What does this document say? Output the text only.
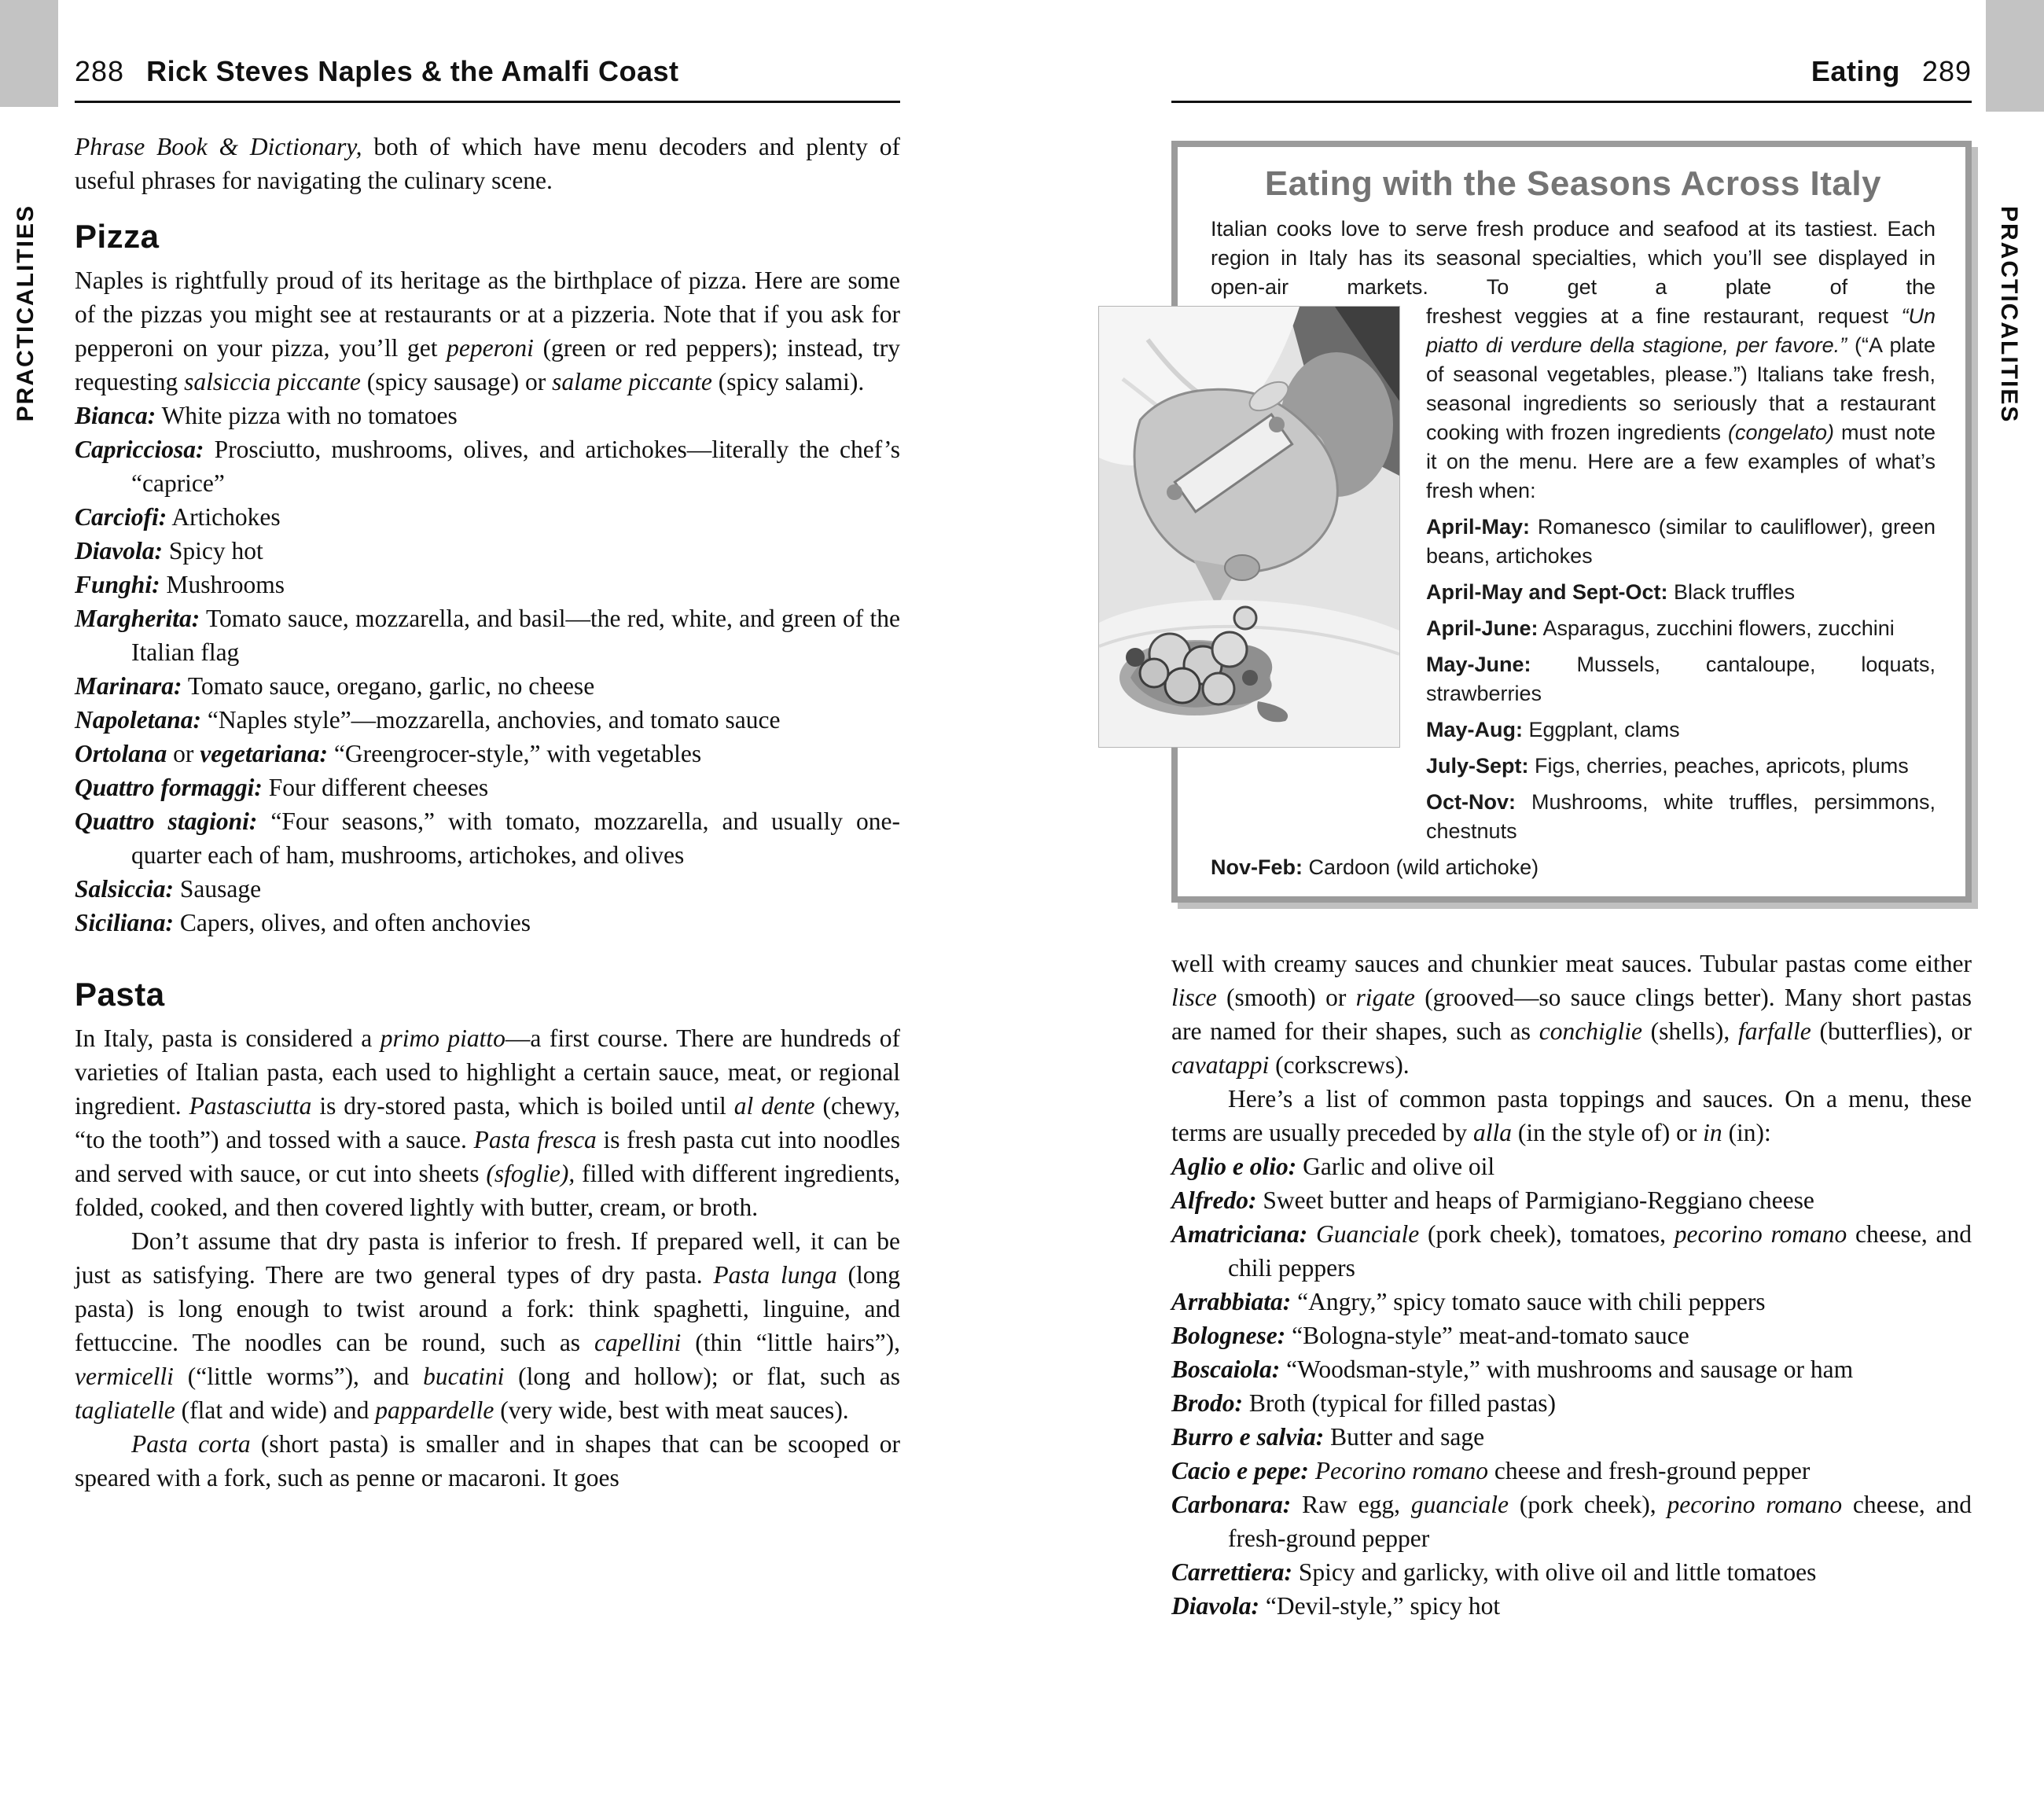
PRACTICALITIES	PRACTICALITIES
288 Rick Steves Naples & the Amalfi Coast

Phrase Book & Dictionary, both of which have menu decoders and plenty of useful phrases for navigating the culinary scene.

Pizza

Naples is rightfully proud of its heritage as the birthplace of pizza. Here are some of the pizzas you might see at restaurants or at a pizzeria. Note that if you ask for pepperoni on your pizza, you’ll get peperoni (green or red peppers); instead, try requesting salsiccia piccante (spicy sausage) or salame piccante (spicy salami).

Bianca: White pizza with no tomatoes
Capricciosa: Prosciutto, mushrooms, olives, and artichokes—literally the chef’s “caprice”
Carciofi: Artichokes
Diavola: Spicy hot
Funghi: Mushrooms
Margherita: Tomato sauce, mozzarella, and basil—the red, white, and green of the Italian flag
Marinara: Tomato sauce, oregano, garlic, no cheese
Napoletana: “Naples style”—mozzarella, anchovies, and tomato sauce
Ortolana or vegetariana: “Greengrocer-style,” with vegetables
Quattro formaggi: Four different cheeses
Quattro stagioni: “Four seasons,” with tomato, mozzarella, and usually one-quarter each of ham, mushrooms, artichokes, and olives
Salsiccia: Sausage
Siciliana: Capers, olives, and often anchovies
Pasta

In Italy, pasta is considered a primo piatto—a first course. There are hundreds of varieties of Italian pasta, each used to highlight a certain sauce, meat, or regional ingredient. Pastasciutta is dry-stored pasta, which is boiled until al dente (chewy, “to the tooth”) and tossed with a sauce. Pasta fresca is fresh pasta cut into noodles and served with sauce, or cut into sheets (sfoglie), filled with different ingredients, folded, cooked, and then covered lightly with butter, cream, or broth.

Don’t assume that dry pasta is inferior to fresh. If prepared well, it can be just as satisfying. There are two general types of dry pasta. Pasta lunga (long pasta) is long enough to twist around a fork: think spaghetti, linguine, and fettuccine. The noodles can be round, such as capellini (thin “little hairs”), vermicelli (“little worms”), and bucatini (long and hollow); or flat, such as tagliatelle (flat and wide) and pappardelle (very wide, best with meat sauces).

Pasta corta (short pasta) is smaller and in shapes that can be scooped or speared with a fork, such as penne or macaroni. It goes

Eating 289
Eating with the Seasons Across Italy

Italian cooks love to serve fresh produce and seafood at its tastiest. Each region in Italy has its seasonal specialties, which you’ll see displayed in open-air markets. To get a plate of the

freshest veggies at a fine restaurant, request “Un piatto di verdure della stagione, per favore.” (“A plate of seasonal vegetables, please.”) Italians take fresh, seasonal ingredients so seriously that a restaurant cooking with frozen ingredients (congelato) must note it on the menu. Here are a few examples of what’s fresh when:

April-May: Romanesco (similar to cauliflower), green beans, artichokes
April-May and Sept-Oct: Black truffles
April-June: Asparagus, zucchini flowers, zucchini
May-June: Mussels, cantaloupe, loquats, strawberries
May-Aug: Eggplant, clams
July-Sept: Figs, cherries, peaches, apricots, plums
Oct-Nov: Mushrooms, white truffles, persimmons, chestnuts
Nov-Feb: Cardoon (wild artichoke)

well with creamy sauces and chunkier meat sauces. Tubular pastas come either lisce (smooth) or rigate (grooved—so sauce clings better). Many short pastas are named for their shapes, such as conchiglie (shells), farfalle (butterflies), or cavatappi (corkscrews).

Here’s a list of common pasta toppings and sauces. On a menu, these terms are usually preceded by alla (in the style of) or in (in):

Aglio e olio: Garlic and olive oil
Alfredo: Sweet butter and heaps of Parmigiano-Reggiano cheese
Amatriciana: Guanciale (pork cheek), tomatoes, pecorino romano cheese, and chili peppers
Arrabbiata: “Angry,” spicy tomato sauce with chili peppers
Bolognese: “Bologna-style” meat-and-tomato sauce
Boscaiola: “Woodsman-style,” with mushrooms and sausage or ham
Brodo: Broth (typical for filled pastas)
Burro e salvia: Butter and sage
Cacio e pepe: Pecorino romano cheese and fresh-ground pepper
Carbonara: Raw egg, guanciale (pork cheek), pecorino romano cheese, and fresh-ground pepper
Carrettiera: Spicy and garlicky, with olive oil and little tomatoes
Diavola: “Devil-style,” spicy hot
